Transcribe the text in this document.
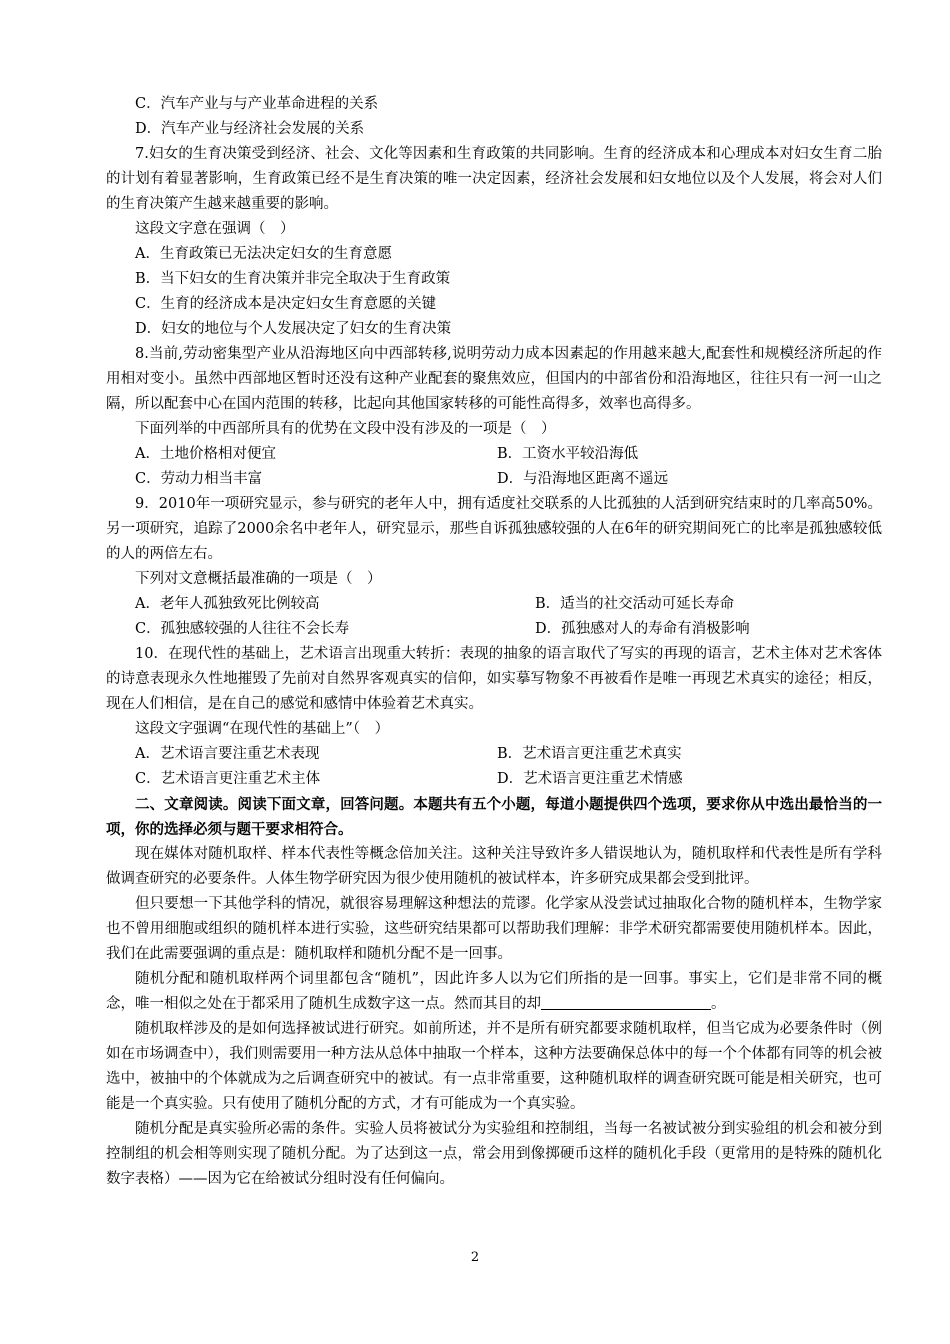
C．汽车产业与与产业革命进程的关系

D．汽车产业与经济社会发展的关系

7.妇女的生育决策受到经济、社会、文化等因素和生育政策的共同影响。生育的经济成本和心理成本对妇女生育二胎的计划有着显著影响，生育政策已经不是生育决策的唯一决定因素，经济社会发展和妇女地位以及个人发展，将会对人们的生育决策产生越来越重要的影响。

这段文字意在强调（　）

A．生育政策已无法决定妇女的生育意愿

B．当下妇女的生育决策并非完全取决于生育政策

C．生育的经济成本是决定妇女生育意愿的关键

D．妇女的地位与个人发展决定了妇女的生育决策

8.当前,劳动密集型产业从沿海地区向中西部转移,说明劳动力成本因素起的作用越来越大,配套性和规模经济所起的作用相对变小。虽然中西部地区暂时还没有这种产业配套的聚焦效应，但国内的中部省份和沿海地区，往往只有一河一山之隔，所以配套中心在国内范围的转移，比起向其他国家转移的可能性高得多，效率也高得多。

下面列举的中西部所具有的优势在文段中没有涉及的一项是（　）

A．土地价格相对便宜	B．工资水平较沿海低
C．劳动力相当丰富	D．与沿海地区距离不遥远

9．2010年一项研究显示，参与研究的老年人中，拥有适度社交联系的人比孤独的人活到研究结束时的几率高50%。另一项研究，追踪了2000余名中老年人，研究显示，那些自诉孤独感较强的人在6年的研究期间死亡的比率是孤独感较低的人的两倍左右。

下列对文意概括最准确的一项是（　）

A．老年人孤独致死比例较高	B．适当的社交活动可延长寿命
C．孤独感较强的人往往不会长寿	D．孤独感对人的寿命有消极影响

10．在现代性的基础上，艺术语言出现重大转折：表现的抽象的语言取代了写实的再现的语言，艺术主体对艺术客体的诗意表现永久性地摧毁了先前对自然界客观真实的信仰，如实摹写物象不再被看作是唯一再现艺术真实的途径；相反，现在人们相信，是在自己的感觉和感情中体验着艺术真实。

这段文字强调“在现代性的基础上”（　）

A．艺术语言要注重艺术表现	B．艺术语言更注重艺术真实
C．艺术语言更注重艺术主体	D．艺术语言更注重艺术情感

二、文章阅读。阅读下面文章，回答问题。本题共有五个小题，每道小题提供四个选项，要求你从中选出最恰当的一项，你的选择必须与题干要求相符合。

现在媒体对随机取样、样本代表性等概念倍加关注。这种关注导致许多人错误地认为，随机取样和代表性是所有学科做调查研究的必要条件。人体生物学研究因为很少使用随机的被试样本，许多研究成果都会受到批评。

但只要想一下其他学科的情况，就很容易理解这种想法的荒谬。化学家从没尝试过抽取化合物的随机样本，生物学家也不曾用细胞或组织的随机样本进行实验，这些研究结果都可以帮助我们理解：非学术研究都需要使用随机样本。因此，我们在此需要强调的重点是：随机取样和随机分配不是一回事。

随机分配和随机取样两个词里都包含“随机”，因此许多人以为它们所指的是一回事。事实上，它们是非常不同的概念，唯一相似之处在于都采用了随机生成数字这一点。然而其目的却	。

随机取样涉及的是如何选择被试进行研究。如前所述，并不是所有研究都要求随机取样，但当它成为必要条件时（例如在市场调查中），我们则需要用一种方法从总体中抽取一个样本，这种方法要确保总体中的每一个个体都有同等的机会被选中，被抽中的个体就成为之后调查研究中的被试。有一点非常重要，这种随机取样的调查研究既可能是相关研究，也可能是一个真实验。只有使用了随机分配的方式，才有可能成为一个真实验。

随机分配是真实验所必需的条件。实验人员将被试分为实验组和控制组，当每一名被试被分到实验组的机会和被分到控制组的机会相等则实现了随机分配。为了达到这一点，常会用到像掷硬币这样的随机化手段（更常用的是特殊的随机化数字表格）——因为它在给被试分组时没有任何偏向。

2
